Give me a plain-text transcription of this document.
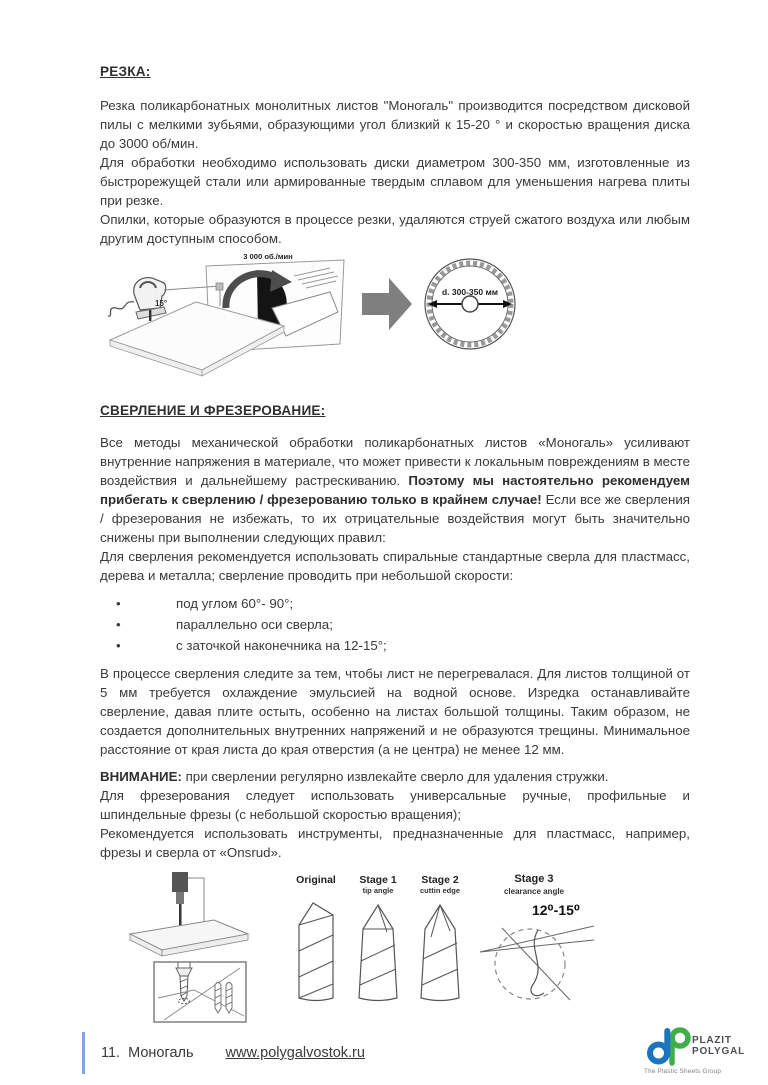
РЕЗКА:

Резка поликарбонатных монолитных листов "Моногаль" производится посредством дисковой пилы с мелкими зубьями, образующими угол близкий к 15-20 ° и скоростью вращения диска до 3000 об/мин.

Для обработки необходимо использовать диски диаметром 300-350 мм, изготовленные из быстрорежущей стали или армированные твердым сплавом для уменьшения нагрева плиты при резке.

Опилки, которые образуются в процессе резки, удаляются струей сжатого воздуха или любым другим доступным способом.

3 000 об./мин
15°
d. 300-350 мм
СВЕРЛЕНИЕ И ФРЕЗЕРОВАНИЕ:

Все методы механической обработки поликарбонатных листов «Моногаль» усиливают внутренние напряжения в материале, что может привести к локальным повреждениям в месте воздействия и дальнейшему растрескиванию. Поэтому мы настоятельно рекомендуем прибегать к сверлению / фрезерованию только в крайнем случае! Если все же сверления / фрезерования не избежать, то их отрицательные воздействия могут быть значительно снижены при выполнении следующих правил:

Для сверления рекомендуется использовать спиральные стандартные сверла для пластмасс, дерева и металла; сверление проводить при небольшой скорости:

•	под углом 60°- 90°;
•	параллельно оси сверла;
•	с заточкой наконечника на 12-15°;

В процессе сверления следите за тем, чтобы лист не перегревалася. Для листов толщиной от 5 мм требуется охлаждение эмульсией на водной основе. Изредка останавливайте сверление, давая плите остыть, особенно на листах большой толщины. Таким образом, не создается дополнительных внутренних напряжений и не образуются трещины. Минимальное расстояние от края листа до края отверстия (а не центра) не менее 12 мм.

ВНИМАНИЕ: при сверлении регулярно извлекайте сверло для удаления стружки.

Для фрезерования следует использовать универсальные ручные, профильные и шпиндельные фрезы (с небольшой скоростью вращения);

Рекомендуется использовать инструменты, предназначенные для пластмасс, например, фрезы и сверла от «Onsrud».

Original	Stage 1
tip angle
Stage 2
cuttin edge
Stage 3
clearance angle
12⁰-15⁰
11. Моногаль www.polygalvostok.ru
PLAZIT
POLYGAL
The Plastic Sheets Group
